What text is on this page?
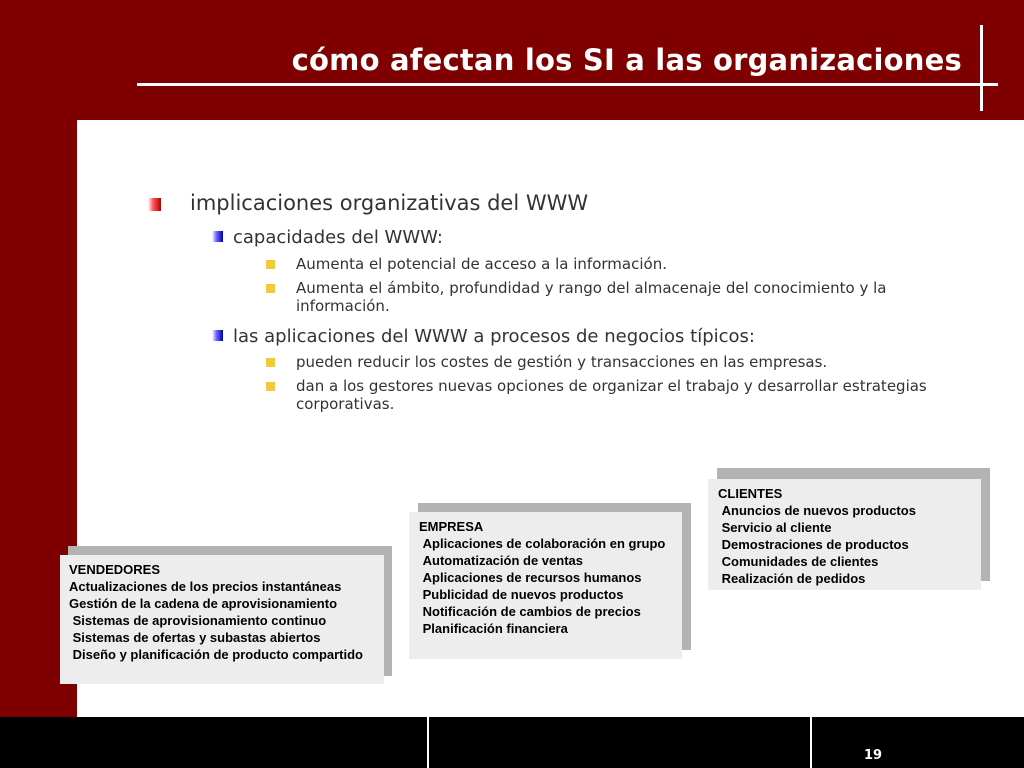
cómo afectan los SI a las organizaciones
implicaciones organizativas del WWW
capacidades del WWW:
Aumenta el potencial de acceso a la información.
Aumenta el ámbito, profundidad y rango del almacenaje del conocimiento y la información.
las aplicaciones del WWW a procesos de negocios típicos:
pueden reducir los costes de gestión y transacciones en las empresas.
dan a los gestores nuevas opciones de organizar el trabajo y desarrollar estrategias corporativas.
CLIENTES
Anuncios de nuevos productos
Servicio al cliente
Demostraciones de productos
Comunidades de clientes
Realización de pedidos
EMPRESA
Aplicaciones de colaboración en grupo
Automatización de ventas
Aplicaciones de recursos humanos
Publicidad de nuevos productos
Notificación de cambios de precios
Planificación financiera
VENDEDORES
Actualizaciones de los precios instantáneas
Gestión de la cadena de aprovisionamiento
Sistemas de aprovisionamiento continuo
Sistemas de ofertas y subastas abiertos
Diseño y planificación de producto compartido
19
